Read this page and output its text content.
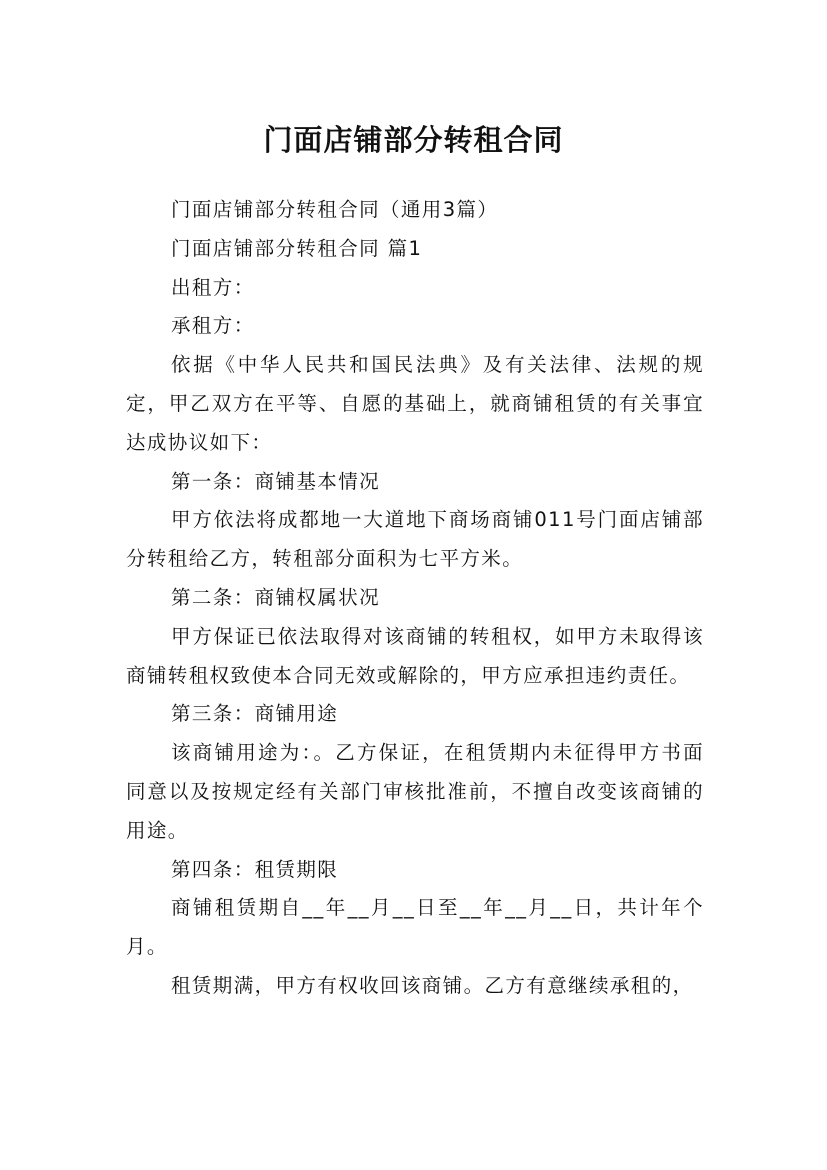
门面店铺部分转租合同

门面店铺部分转租合同（通用3篇）

门面店铺部分转租合同 篇1

出租方：

承租方：

依据《中华人民共和国民法典》及有关法律、法规的规定，甲乙双方在平等、自愿的基础上，就商铺租赁的有关事宜达成协议如下：

第一条：商铺基本情况

甲方依法将成都地一大道地下商场商铺011号门面店铺部分转租给乙方，转租部分面积为七平方米。

第二条：商铺权属状况

甲方保证已依法取得对该商铺的转租权，如甲方未取得该商铺转租权致使本合同无效或解除的，甲方应承担违约责任。

第三条：商铺用途

该商铺用途为：。乙方保证，在租赁期内未征得甲方书面同意以及按规定经有关部门审核批准前，不擅自改变该商铺的用途。

第四条：租赁期限

商铺租赁期自__年__月__日至__年__月__日，共计年个月。

租赁期满，甲方有权收回该商铺。乙方有意继续承租的，
